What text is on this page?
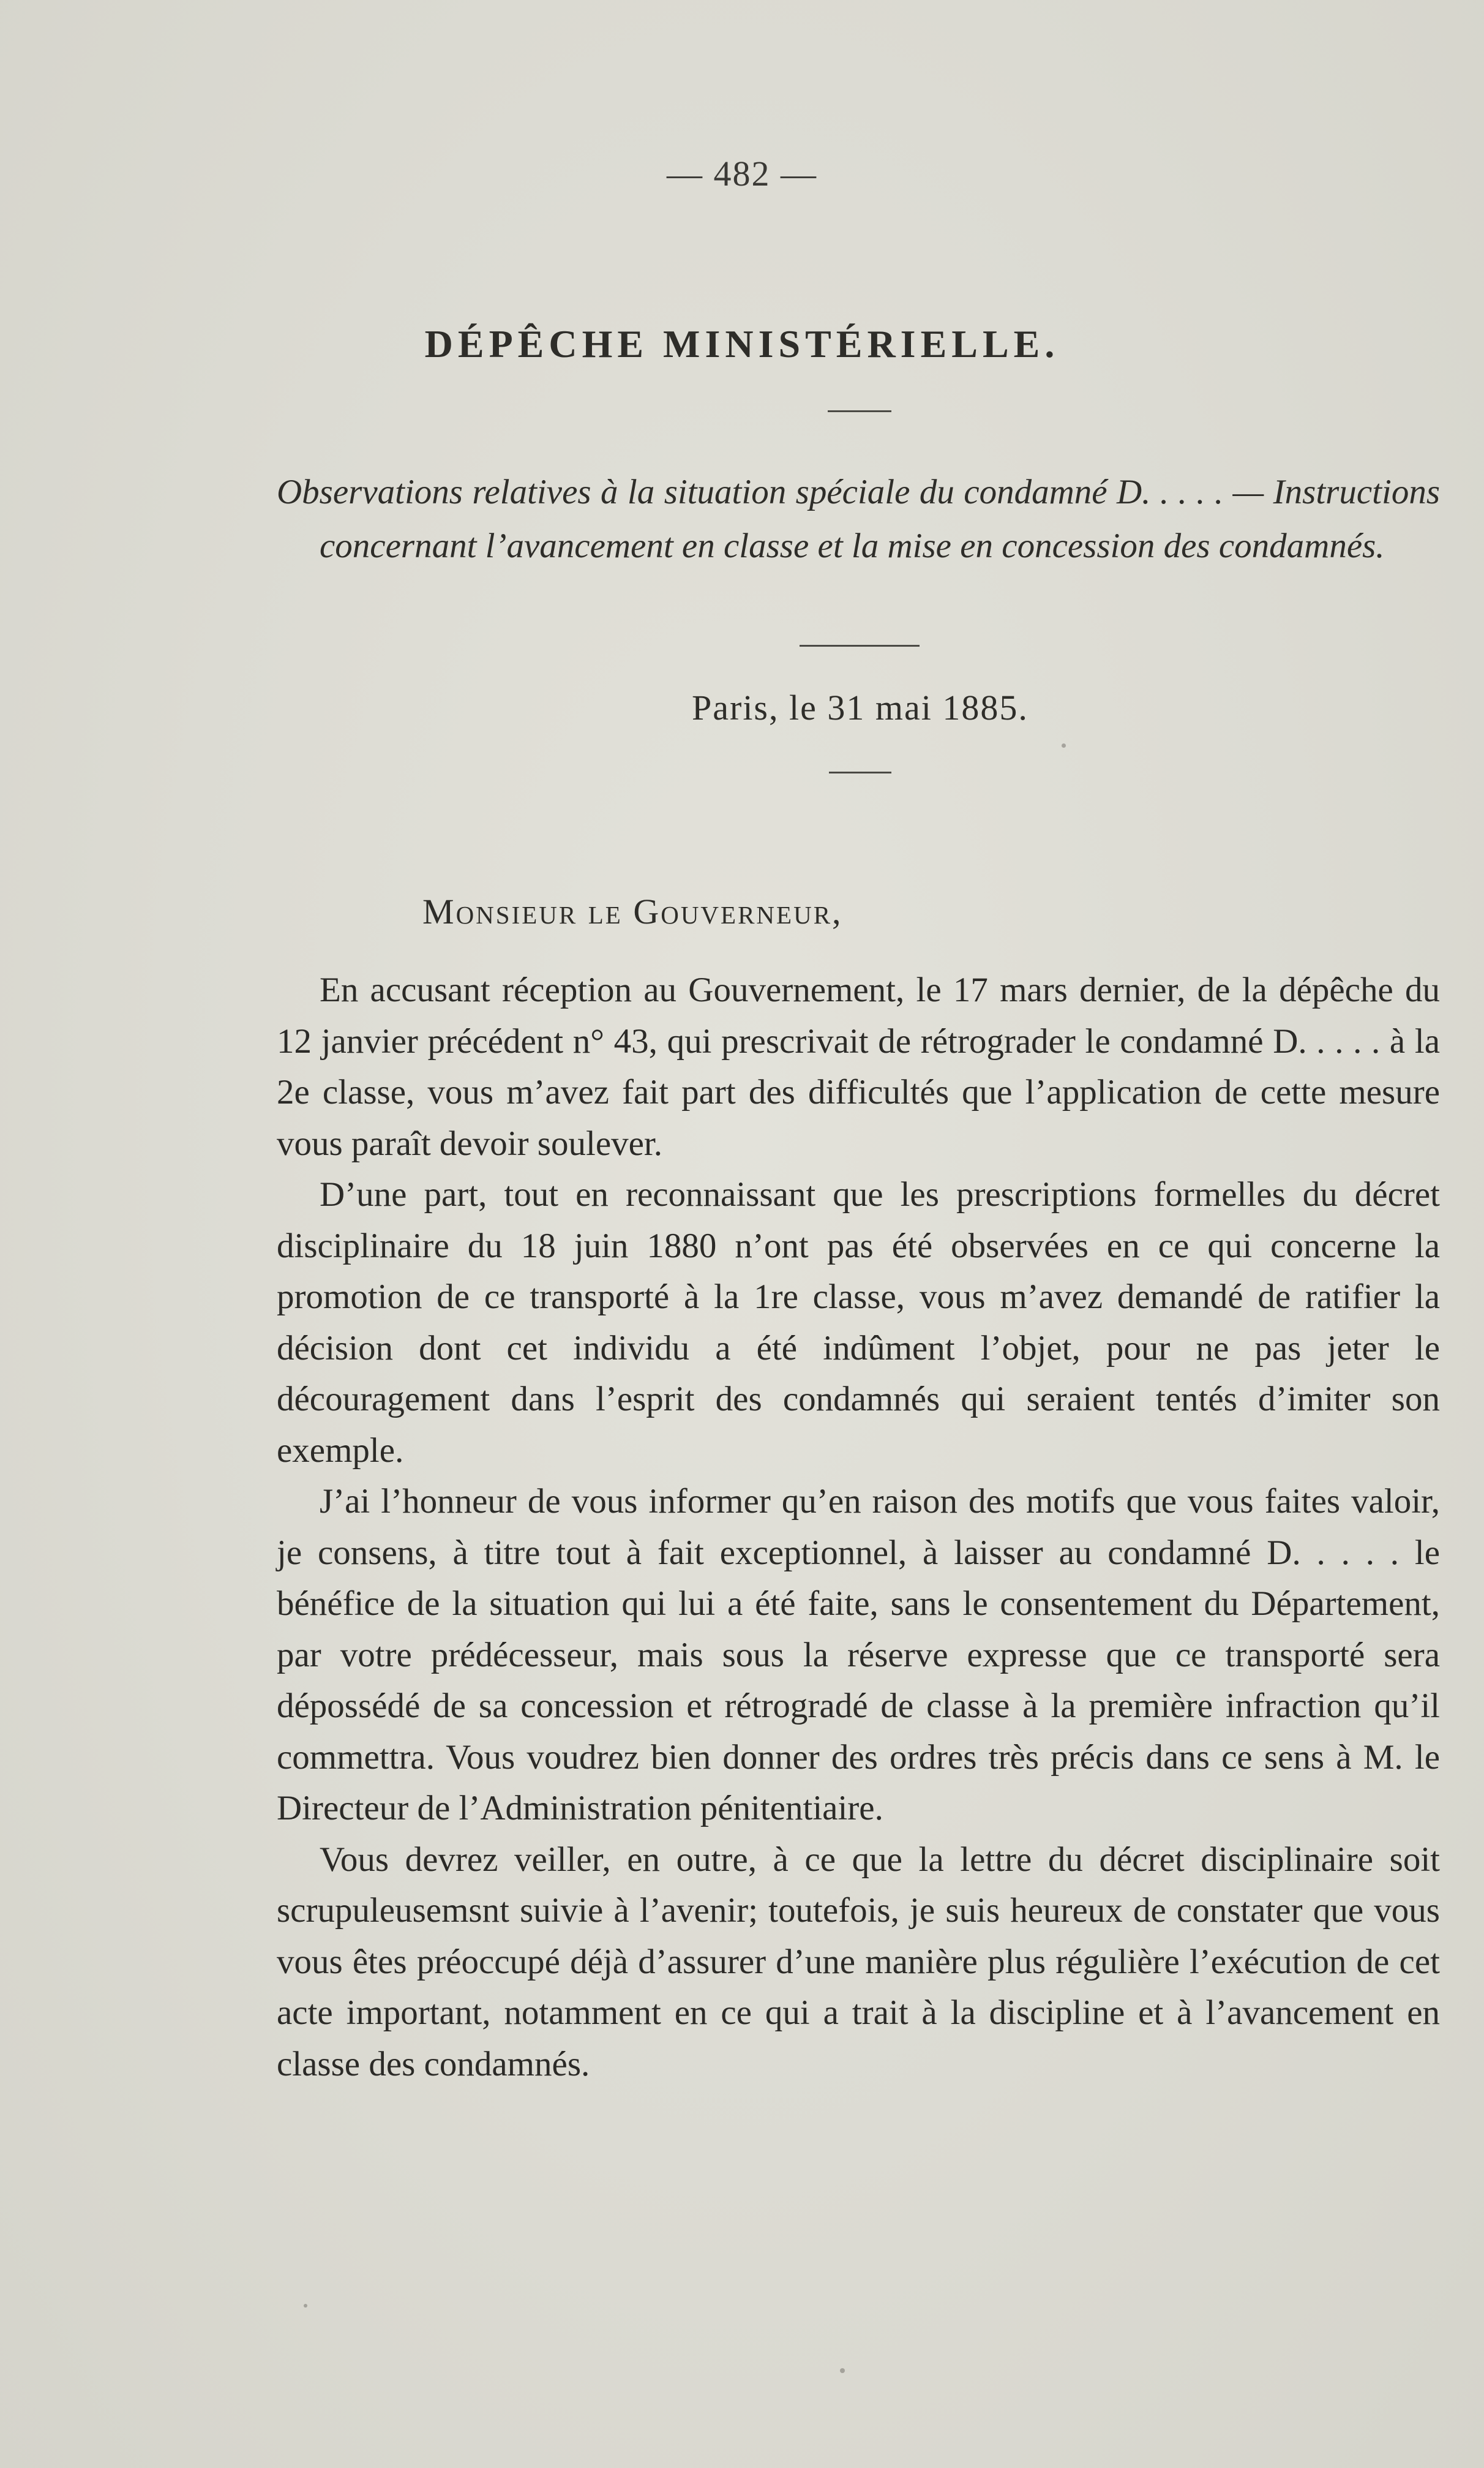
— 482 —
DÉPÊCHE MINISTÉRIELLE.
Observations relatives à la situation spéciale du condamné D. . . . . — Instructions concernant l’avancement en classe et la mise en concession des condamnés.
Paris, le 31 mai 1885.
Monsieur le Gouverneur,

En accusant réception au Gouvernement, le 17 mars dernier, de la dépêche du 12 janvier précédent n° 43, qui prescrivait de rétrograder le condamné D. . . . . à la 2e classe, vous m’avez fait part des difficultés que l’application de cette mesure vous paraît devoir soulever.

D’une part, tout en reconnaissant que les prescriptions formelles du décret disciplinaire du 18 juin 1880 n’ont pas été observées en ce qui concerne la promotion de ce transporté à la 1re classe, vous m’avez demandé de ratifier la décision dont cet individu a été indûment l’objet, pour ne pas jeter le découragement dans l’esprit des condamnés qui seraient tentés d’imiter son exemple.

J’ai l’honneur de vous informer qu’en raison des motifs que vous faites valoir, je consens, à titre tout à fait exceptionnel, à laisser au condamné D. . . . . le bénéfice de la situation qui lui a été faite, sans le consentement du Département, par votre prédécesseur, mais sous la réserve expresse que ce transporté sera dépossédé de sa concession et rétrogradé de classe à la première infraction qu’il commettra. Vous voudrez bien donner des ordres très précis dans ce sens à M. le Directeur de l’Administration pénitentiaire.

Vous devrez veiller, en outre, à ce que la lettre du décret disciplinaire soit scrupuleusemsnt suivie à l’avenir; toutefois, je suis heureux de constater que vous vous êtes préoccupé déjà d’assurer d’une manière plus régulière l’exécution de cet acte important, notamment en ce qui a trait à la discipline et à l’avancement en classe des condamnés.
